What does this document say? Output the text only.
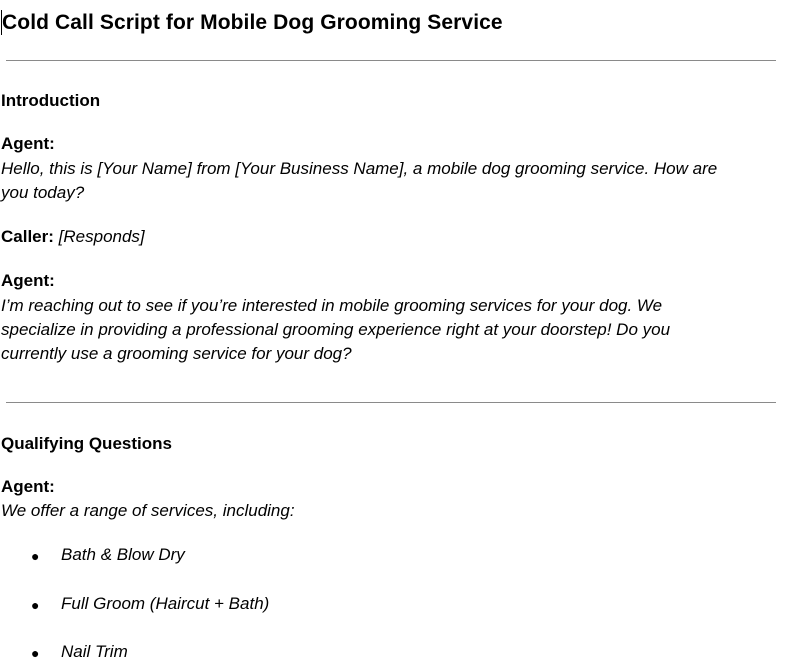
Cold Call Script for Mobile Dog Grooming Service
Introduction
Agent:
Hello, this is [Your Name] from [Your Business Name], a mobile dog grooming service. How are
you today?
Caller: [Responds]
Agent:
I’m reaching out to see if you’re interested in mobile grooming services for your dog. We
specialize in providing a professional grooming experience right at your doorstep! Do you
currently use a grooming service for your dog?
Qualifying Questions
Agent:
We offer a range of services, including:
● Bath & Blow Dry
● Full Groom (Haircut + Bath)
● Nail Trim
